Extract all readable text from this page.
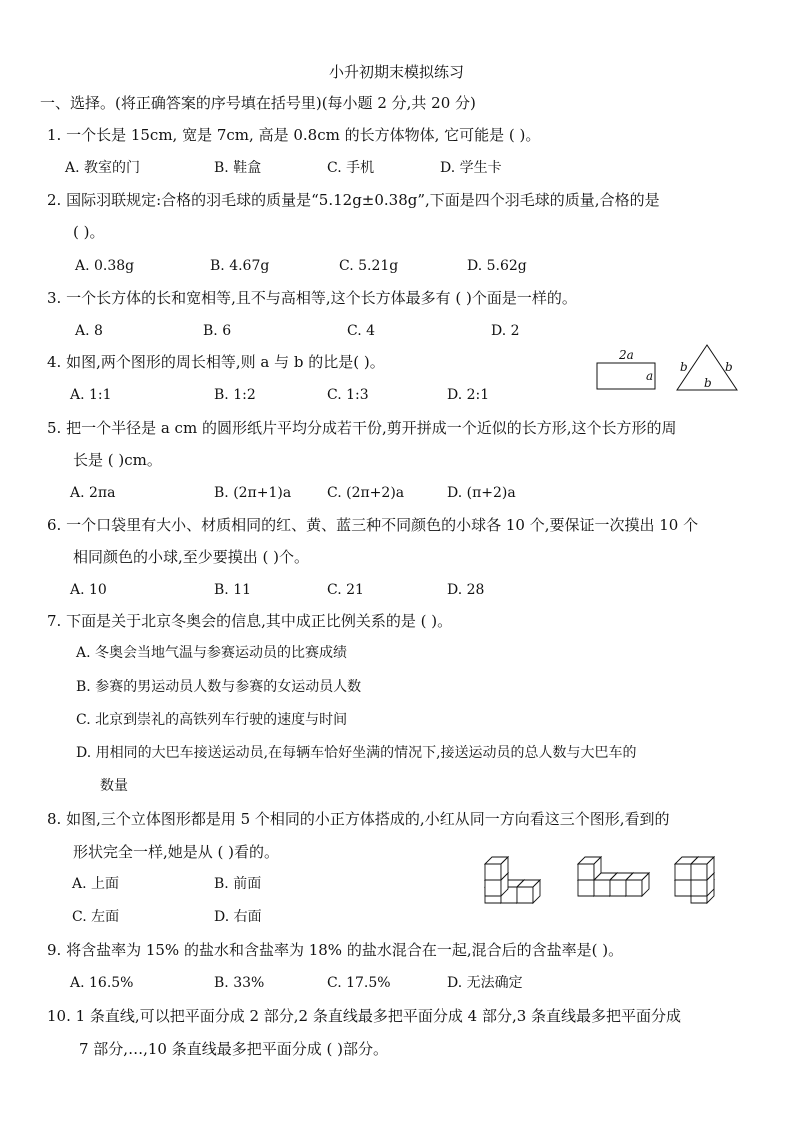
小升初期末模拟练习
一、选择。(将正确答案的序号填在括号里)(每小题 2 分,共 20 分)
1. 一个长是 15cm, 宽是 7cm, 高是 0.8cm 的长方体物体, 它可能是 ( )。
A. 教室的门	B. 鞋盒	C. 手机	D. 学生卡
2. 国际羽联规定:合格的羽毛球的质量是“5.12g±0.38g”,下面是四个羽毛球的质量,合格的是
( )。
A. 0.38g	B. 4.67g	C. 5.21g	D. 5.62g
3. 一个长方体的长和宽相等,且不与高相等,这个长方体最多有 ( )个面是一样的。
A. 8	B. 6	C. 4	D. 2
4. 如图,两个图形的周长相等,则 a 与 b 的比是( )。
A. 1:1	B. 1:2	C. 1:3	D. 2:1
2a
a
b	b
b
5. 把一个半径是 a cm 的圆形纸片平均分成若干份,剪开拼成一个近似的长方形,这个长方形的周
长是 ( )cm。
A. 2πa	B. (2π+1)a	C. (2π+2)a	D. (π+2)a
6. 一个口袋里有大小、材质相同的红、黄、蓝三种不同颜色的小球各 10 个,要保证一次摸出 10 个
相同颜色的小球,至少要摸出 ( )个。
A. 10	B. 11	C. 21	D. 28
7. 下面是关于北京冬奥会的信息,其中成正比例关系的是 ( )。
A. 冬奥会当地气温与参赛运动员的比赛成绩
B. 参赛的男运动员人数与参赛的女运动员人数
C. 北京到崇礼的高铁列车行驶的速度与时间
D. 用相同的大巴车接送运动员,在每辆车恰好坐满的情况下,接送运动员的总人数与大巴车的
数量
8. 如图,三个立体图形都是用 5 个相同的小正方体搭成的,小红从同一方向看这三个图形,看到的
形状完全一样,她是从 ( )看的。
A. 上面	B. 前面
C. 左面	D. 右面
9. 将含盐率为 15% 的盐水和含盐率为 18% 的盐水混合在一起,混合后的含盐率是( )。
A. 16.5%	B. 33%	C. 17.5%	D. 无法确定
10. 1 条直线,可以把平面分成 2 部分,2 条直线最多把平面分成 4 部分,3 条直线最多把平面分成
7 部分,…,10 条直线最多把平面分成 ( )部分。
